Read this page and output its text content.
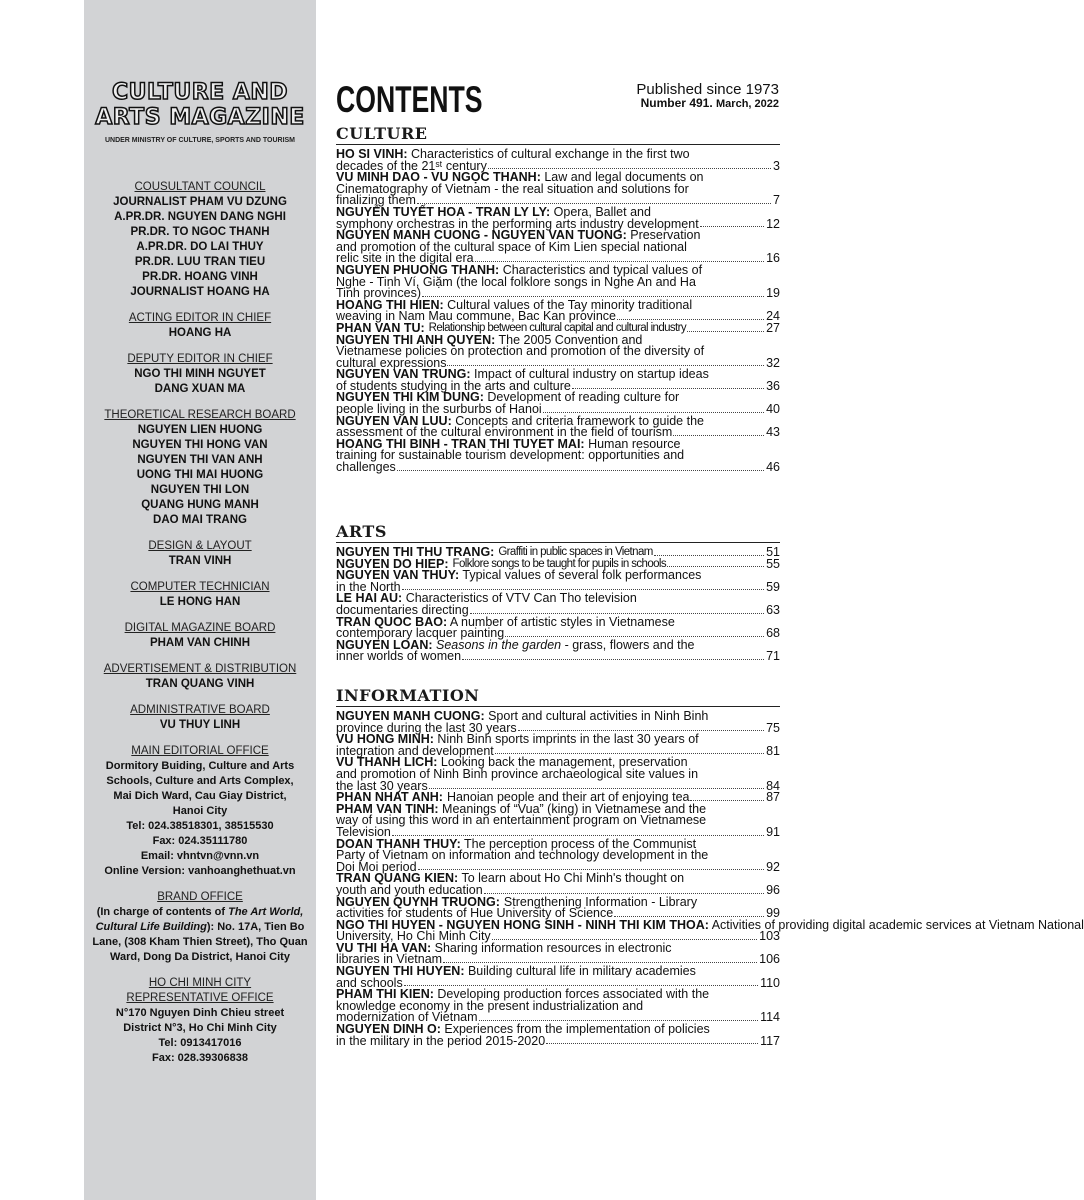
CULTURE AND
ARTS MAGAZINE
UNDER MINISTRY OF CULTURE, SPORTS AND TOURISM
COUSULTANT COUNCIL
JOURNALIST PHAM VU DZUNG
A.PR.DR. NGUYEN DANG NGHI
PR.DR. TO NGOC THANH
A.PR.DR. DO LAI THUY
PR.DR. LUU TRAN TIEU
PR.DR. HOANG VINH
JOURNALIST HOANG HA
ACTING EDITOR IN CHIEF
HOANG HA
DEPUTY EDITOR IN CHIEF
NGO THI MINH NGUYET
DANG XUAN MA
THEORETICAL RESEARCH BOARD
NGUYEN LIEN HUONG
NGUYEN THI HONG VAN
NGUYEN THI VAN ANH
UONG THI MAI HUONG
NGUYEN THI LON
QUANG HUNG MANH
DAO MAI TRANG
DESIGN & LAYOUT
TRAN VINH
COMPUTER TECHNICIAN
LE HONG HAN
DIGITAL MAGAZINE BOARD
PHAM VAN CHINH
ADVERTISEMENT & DISTRIBUTION
TRAN QUANG VINH
ADMINISTRATIVE BOARD
VU THUY LINH
MAIN EDITORIAL OFFICE
Dormitory Buiding, Culture and Arts
Schools, Culture and Arts Complex,
Mai Dich Ward, Cau Giay District,
Hanoi City
Tel: 024.38518301, 38515530
Fax: 024.35111780
Email: vhntvn@vnn.vn
Online Version: vanhoanghethuat.vn
BRAND OFFICE
(In charge of contents of The Art World, Cultural Life Building): No. 17A, Tien Bo Lane, (308 Kham Thien Street), Tho Quan Ward, Dong Da District, Hanoi City
HO CHI MINH CITY
REPRESENTATIVE OFFICE
N°170 Nguyen Dinh Chieu street
District N°3, Ho Chi Minh City
Tel: 0913417016
Fax: 028.39306838
CONTENTS	Published since 1973
Number 491. March, 2022
CULTURE
HO SI VINH: Characteristics of cultural exchange in the first two
decades of the 21ˢᵗ century	3
VU MINH DAO - VU NGỌC THANH: Law and legal documents on
Cinematography of Vietnam - the real situation and solutions for
finalizing them	7
NGUYỄN TUYẾT HOA - TRAN LY LY: Opera, Ballet and
symphony orchestras in the performing arts industry development	12
NGUYEN MANH CUONG - NGUYEN VAN TUONG: Preservation
and promotion of the cultural space of Kim Lien special national
relic site in the digital era	16
NGUYEN PHUONG THANH: Characteristics and typical values of
Nghe - Tinh Ví, Giặm (the local folklore songs in Nghe An and Ha
Tinh provinces)	19
HOANG THI HIEN: Cultural values of the Tay minority traditional
weaving in Nam Mau commune, Bac Kan province	24
PHAN VAN TU: Relationship between cultural capital and cultural industry	27
NGUYEN THI ANH QUYEN: The 2005 Convention and
Vietnamese policies on protection and promotion of the diversity of
cultural expressions	32
NGUYEN VAN TRUNG: Impact of cultural industry on startup ideas
of students studying in the arts and culture	36
NGUYEN THI KIM DUNG: Development of reading culture for
people living in the surburbs of Hanoi	40
NGUYEN VAN LUU: Concepts and criteria framework to guide the
assessment of the cultural environment in the field of tourism	43
HOANG THI BINH - TRAN THI TUYET MAI: Human resource
training for sustainable tourism development: opportunities and
challenges	46
ARTS
NGUYEN THI THU TRANG: Graffiti in public spaces in Vietnam	51
NGUYEN DO HIEP: Folklore songs to be taught for pupils in schools	55
NGUYEN VAN THUY: Typical values of several folk performances
in the North	59
LE HAI AU: Characteristics of VTV Can Tho television
documentaries directing	63
TRAN QUOC BAO: A number of artistic styles in Vietnamese
contemporary lacquer painting	68
NGUYEN LOAN: Seasons in the garden - grass, flowers and the
inner worlds of women	71
INFORMATION
NGUYEN MANH CUONG: Sport and cultural activities in Ninh Binh
province during the last 30 years	75
VU HONG MINH: Ninh Binh sports imprints in the last 30 years of
integration and development	81
VU THANH LICH: Looking back the management, preservation
and promotion of Ninh Binh province archaeological site values in
the last 30 years	84
PHAN NHAT ANH: Hanoian people and their art of enjoying tea	87
PHAM VAN TINH: Meanings of “Vua” (king) in Vietnamese and the
way of using this word in an entertainment program on Vietnamese
Television	91
DOAN THANH THUY: The perception process of the Communist
Party of Vietnam on information and technology development in the
Doi Moi period	92
TRAN QUANG KIEN: To learn about Ho Chi Minh's thought on
youth and youth education	96
NGUYEN QUYNH TRUONG: Strengthening Information - Library
activities for students of Hue University of Science	99
NGO THI HUYEN - NGUYEN HONG SINH - NINH THI KIM THOA: Activities of providing digital academic services at Vietnam National
University, Ho Chi Minh City	103
VU THI HA VAN: Sharing information resources in electronic
libraries in Vietnam	106
NGUYEN THI HUYEN: Building cultural life in military academies
and schools	110
PHAM THI KIEN: Developing production forces associated with the
knowledge economy in the present industrialization and
modernization of Vietnam	114
NGUYEN DINH O: Experiences from the implementation of policies
in the military in the period 2015-2020	117
